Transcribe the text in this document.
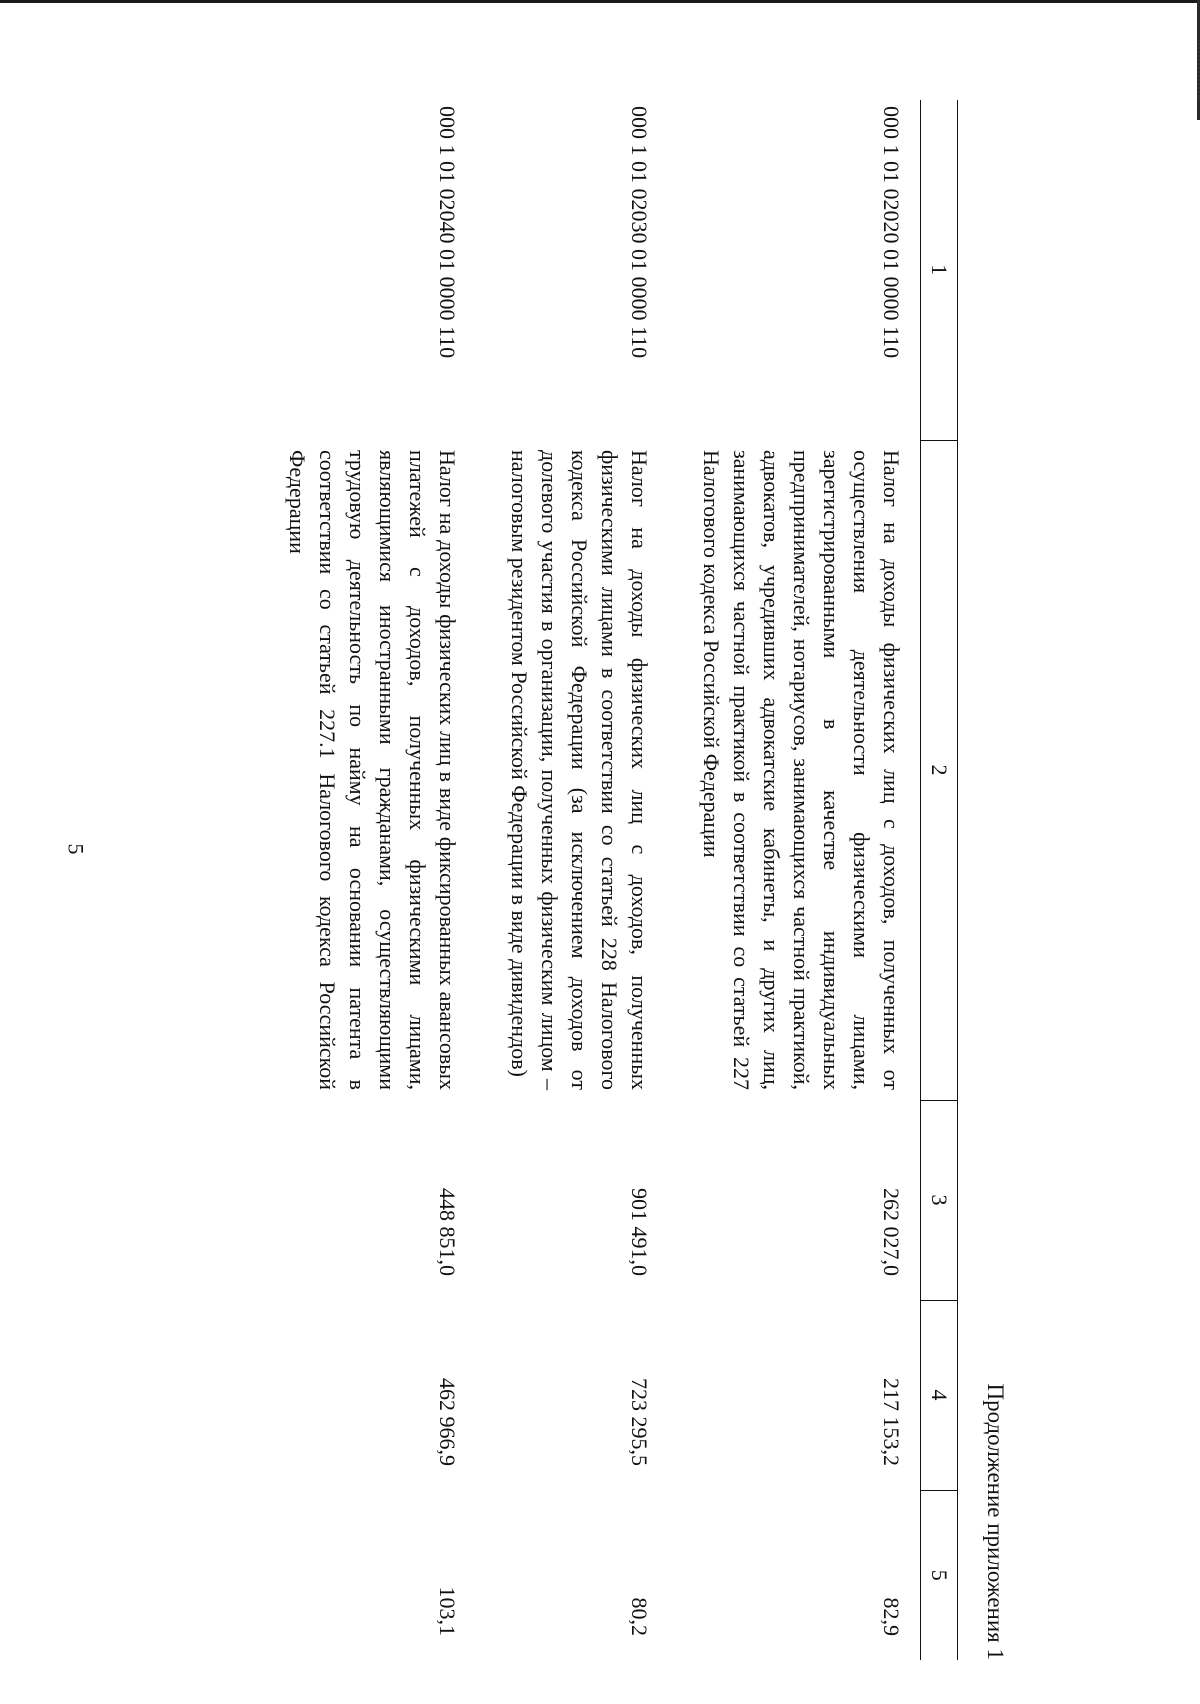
5
Продолжение приложения 1
1	2	3	4	5
000 1 01 02020 01 0000 110	Налог на доходы физических лиц с доходов, полученных от осуществления деятельности физическими лицами, зарегистрированными в качестве индивидуальных предпринимателей, нотариусов, занимающихся частной практикой, адвокатов, учредивших адвокатские кабинеты, и других лиц, занимающихся частной практикой в соответствии со статьей 227 Налогового кодекса Российской Федерации	262 027,0	217 153,2	82,9
000 1 01 02030 01 0000 110	Налог на доходы физических лиц с доходов, полученных физическими лицами в соответствии со статьей 228 Налогового кодекса Российской Федерации (за исключением доходов от долевого участия в организации, полученных физическим лицом – налоговым резидентом Российской Федерации в виде дивидендов)	901 491,0	723 295,5	80,2
000 1 01 02040 01 0000 110	Налог на доходы физических лиц в виде фиксированных авансовых платежей с доходов, полученных физическими лицами, являющимися иностранными гражданами, осуществляющими трудовую деятельность по найму на основании патента в соответствии со статьей 227.1 Налогового кодекса Российской Федерации	448 851,0	462 966,9	103,1
